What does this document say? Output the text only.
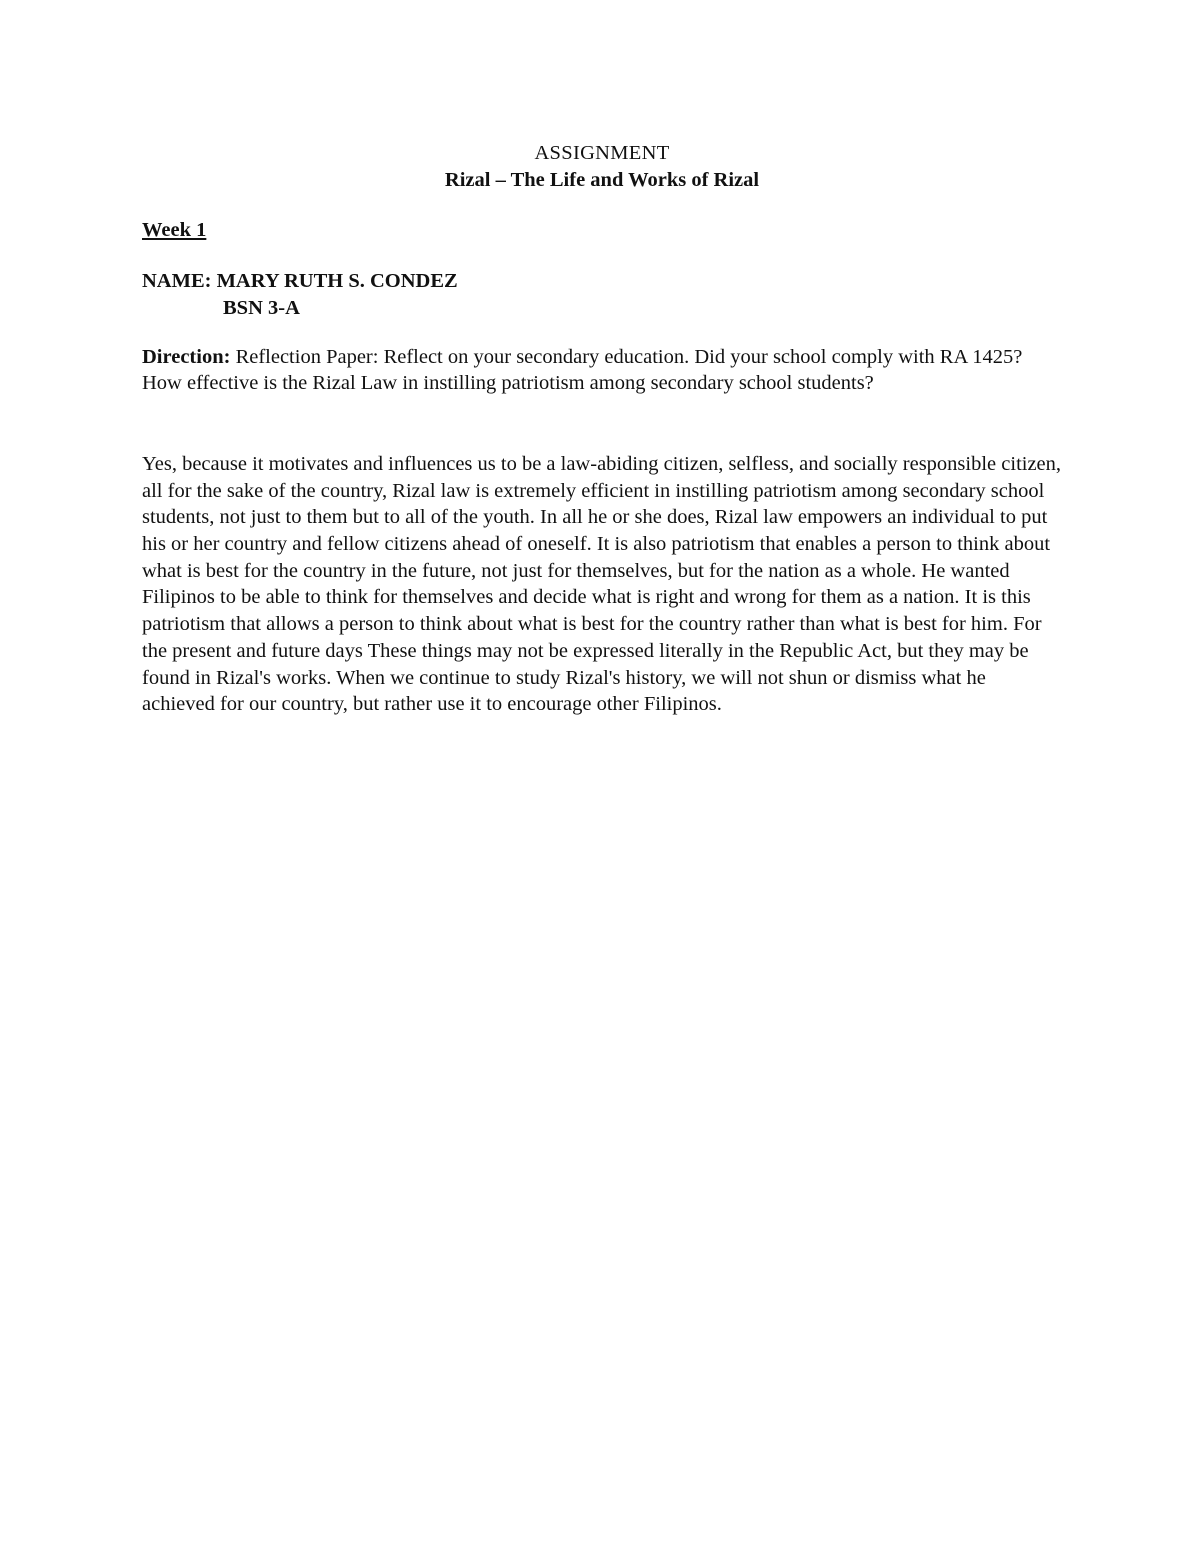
ASSIGNMENT

Rizal – The Life and Works of Rizal

Week 1

NAME: MARY RUTH S. CONDEZ
BSN 3-A

Direction: Reflection Paper: Reflect on your secondary education. Did your school comply with RA 1425? How effective is the Rizal Law in instilling patriotism among secondary school students?

Yes, because it motivates and influences us to be a law-abiding citizen, selfless, and socially responsible citizen, all for the sake of the country, Rizal law is extremely efficient in instilling patriotism among secondary school students, not just to them but to all of the youth. In all he or she does, Rizal law empowers an individual to put his or her country and fellow citizens ahead of oneself. It is also patriotism that enables a person to think about what is best for the country in the future, not just for themselves, but for the nation as a whole. He wanted Filipinos to be able to think for themselves and decide what is right and wrong for them as a nation. It is this patriotism that allows a person to think about what is best for the country rather than what is best for him. For the present and future days These things may not be expressed literally in the Republic Act, but they may be found in Rizal's works. When we continue to study Rizal's history, we will not shun or dismiss what he achieved for our country, but rather use it to encourage other Filipinos.
